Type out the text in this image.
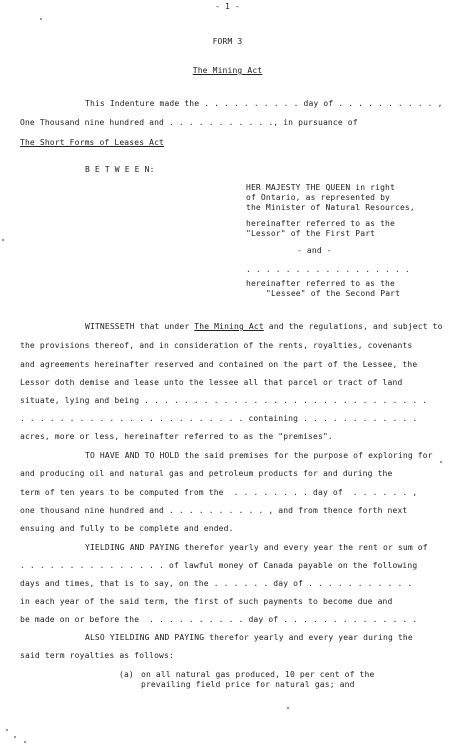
- 1 -
FORM 3
The Mining Act
This Indenture made the . . . . . . . . . . day of . . . . . . . . . . ,
One Thousand nine hundred and . . . . . . . . . . ., in pursuance of
The Short Forms of Leases Act
B E T W E E N:
HER MAJESTY THE QUEEN in right
of Ontario, as represented by
the Minister of Natural Resources,
hereinafter referred to as the
"Lessor" of the First Part
- and -
. . . . . . . . . . . . . . . . .
hereinafter referred to as the
"Lessee" of the Second Part
WITNESSETH that under The Mining Act and the regulations, and subject to
the provisions thereof, and in consideration of the rents, royalties, covenants
and agreements hereinafter reserved and contained on the part of the Lessee, the
Lessor doth demise and lease unto the lessee all that parcel or tract of land
situate, lying and being . . . . . . . . . . . . . . . . . . . . . . . . . . . . .
. . . . . . . . . . . . . . . . . . . . . . . containing . . . . . . . . . . . .
acres, more or less, hereinafter referred to as the "premises".
TO HAVE AND TO HOLD the said premises for the purpose of exploring for
and producing oil and natural gas and petroleum products for and during the
term of ten years to be computed from the  . . . . . . . . day of  . . . . . . ,
one thousand nine hundred and . . . . . . . . . . , and from thence forth next
ensuing and fully to be complete and ended.
YIELDING AND PAYING therefor yearly and every year the rent or sum of
. . . . . . . . . . . . . . . of lawful money of Canada payable on the following
days and times, that is to say, on the . . . . . . day of . . . . . . . . . . .
in each year of the said term, the first of such payments to become due and
be made on or before the  . . . . . . . . . . day of . . . . . . . . . . . . . .
ALSO YIELDING AND PAYING therefor yearly and every year during the
said term royalties as follows:
(a) on all natural gas produced, 10 per cent of the
prevailing field price for natural gas; and
